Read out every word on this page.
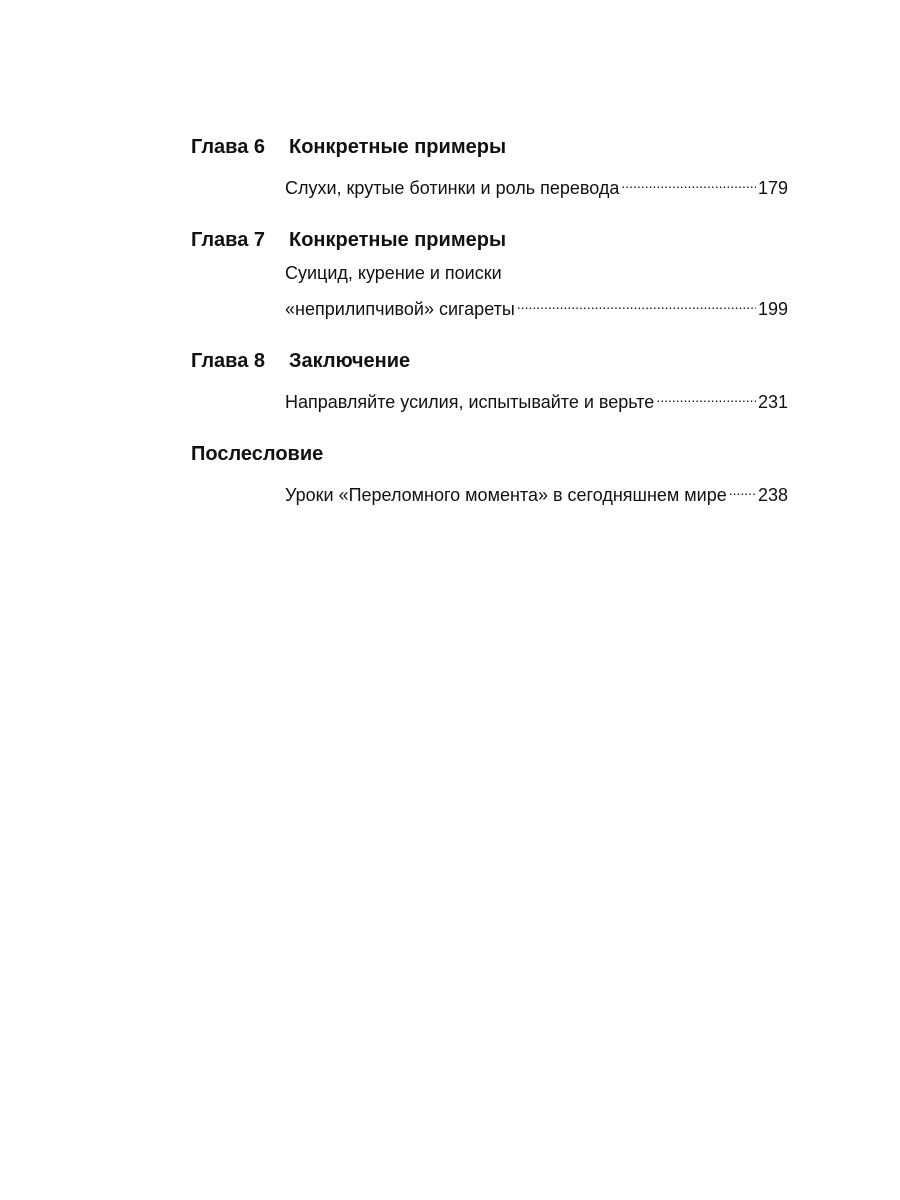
Глава 6	Конкретные примеры
Слухи, крутые ботинки и роль перевода .....	179
Глава 7	Конкретные примеры
Суицид, курение и поиски
«неприлипчивой» сигареты .....	199
Глава 8	Заключение
Направляйте усилия, испытывайте и верьте .....	231
Послесловие
Уроки «Переломного момента» в сегодняшнем мире ..... 238
